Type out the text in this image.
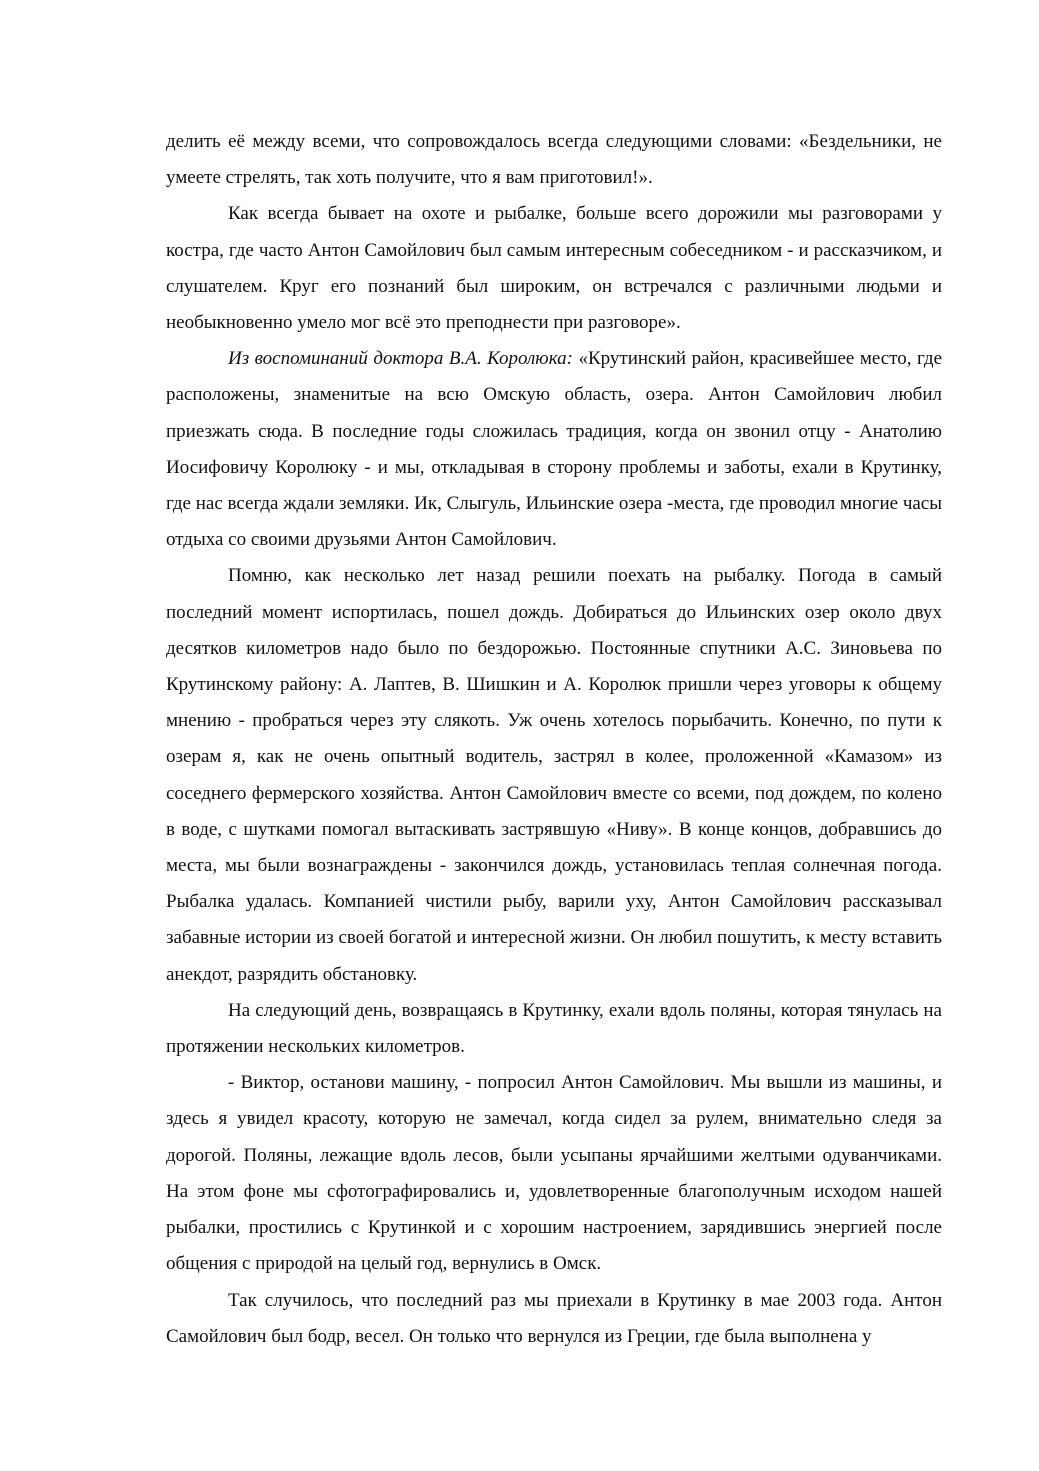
делить её между всеми, что сопровождалось всегда следующими словами: «Бездельники, не умеете стрелять, так хоть получите, что я вам приготовил!».

Как всегда бывает на охоте и рыбалке, больше всего дорожили мы разговорами у костра, где часто Антон Самойлович был самым интересным собеседником - и рассказчиком, и слушателем. Круг его познаний был широким, он встречался с различными людьми и необыкновенно умело мог всё это преподнести при разговоре».

Из воспоминаний доктора В.А. Королюка: «Крутинский район, красивейшее место, где расположены, знаменитые на всю Омскую область, озера. Антон Самойлович любил приезжать сюда. В последние годы сложилась традиция, когда он звонил отцу - Анатолию Иосифовичу Королюку - и мы, откладывая в сторону проблемы и заботы, ехали в Крутинку, где нас всегда ждали земляки. Ик, Слыгуль, Ильинские озера -места, где проводил многие часы отдыха со своими друзьями Антон Самойлович.

Помню, как несколько лет назад решили поехать на рыбалку. Погода в самый последний момент испортилась, пошел дождь. Добираться до Ильинских озер около двух десятков километров надо было по бездорожью. Постоянные спутники А.С. Зиновьева по Крутинскому району: А. Лаптев, В. Шишкин и А. Королюк пришли через уговоры к общему мнению - пробраться через эту слякоть. Уж очень хотелось порыбачить. Конечно, по пути к озерам я, как не очень опытный водитель, застрял в колее, проложенной «Камазом» из соседнего фермерского хозяйства. Антон Самойлович вместе со всеми, под дождем, по колено в воде, с шутками помогал вытаскивать застрявшую «Ниву». В конце концов, добравшись до места, мы были вознаграждены - закончился дождь, установилась теплая солнечная погода. Рыбалка удалась. Компанией чистили рыбу, варили уху, Антон Самойлович рассказывал забавные истории из своей богатой и интересной жизни. Он любил пошутить, к месту вставить анекдот, разрядить обстановку.

На следующий день, возвращаясь в Крутинку, ехали вдоль поляны, которая тянулась на протяжении нескольких километров.

- Виктор, останови машину, - попросил Антон Самойлович. Мы вышли из машины, и здесь я увидел красоту, которую не замечал, когда сидел за рулем, внимательно следя за дорогой. Поляны, лежащие вдоль лесов, были усыпаны ярчайшими желтыми одуванчиками. На этом фоне мы сфотографировались и, удовлетворенные благополучным исходом нашей рыбалки, простились с Крутинкой и с хорошим настроением, зарядившись энергией после общения с природой на целый год, вернулись в Омск.

Так случилось, что последний раз мы приехали в Крутинку в мае 2003 года. Антон Самойлович был бодр, весел. Он только что вернулся из Греции, где была выполнена у
